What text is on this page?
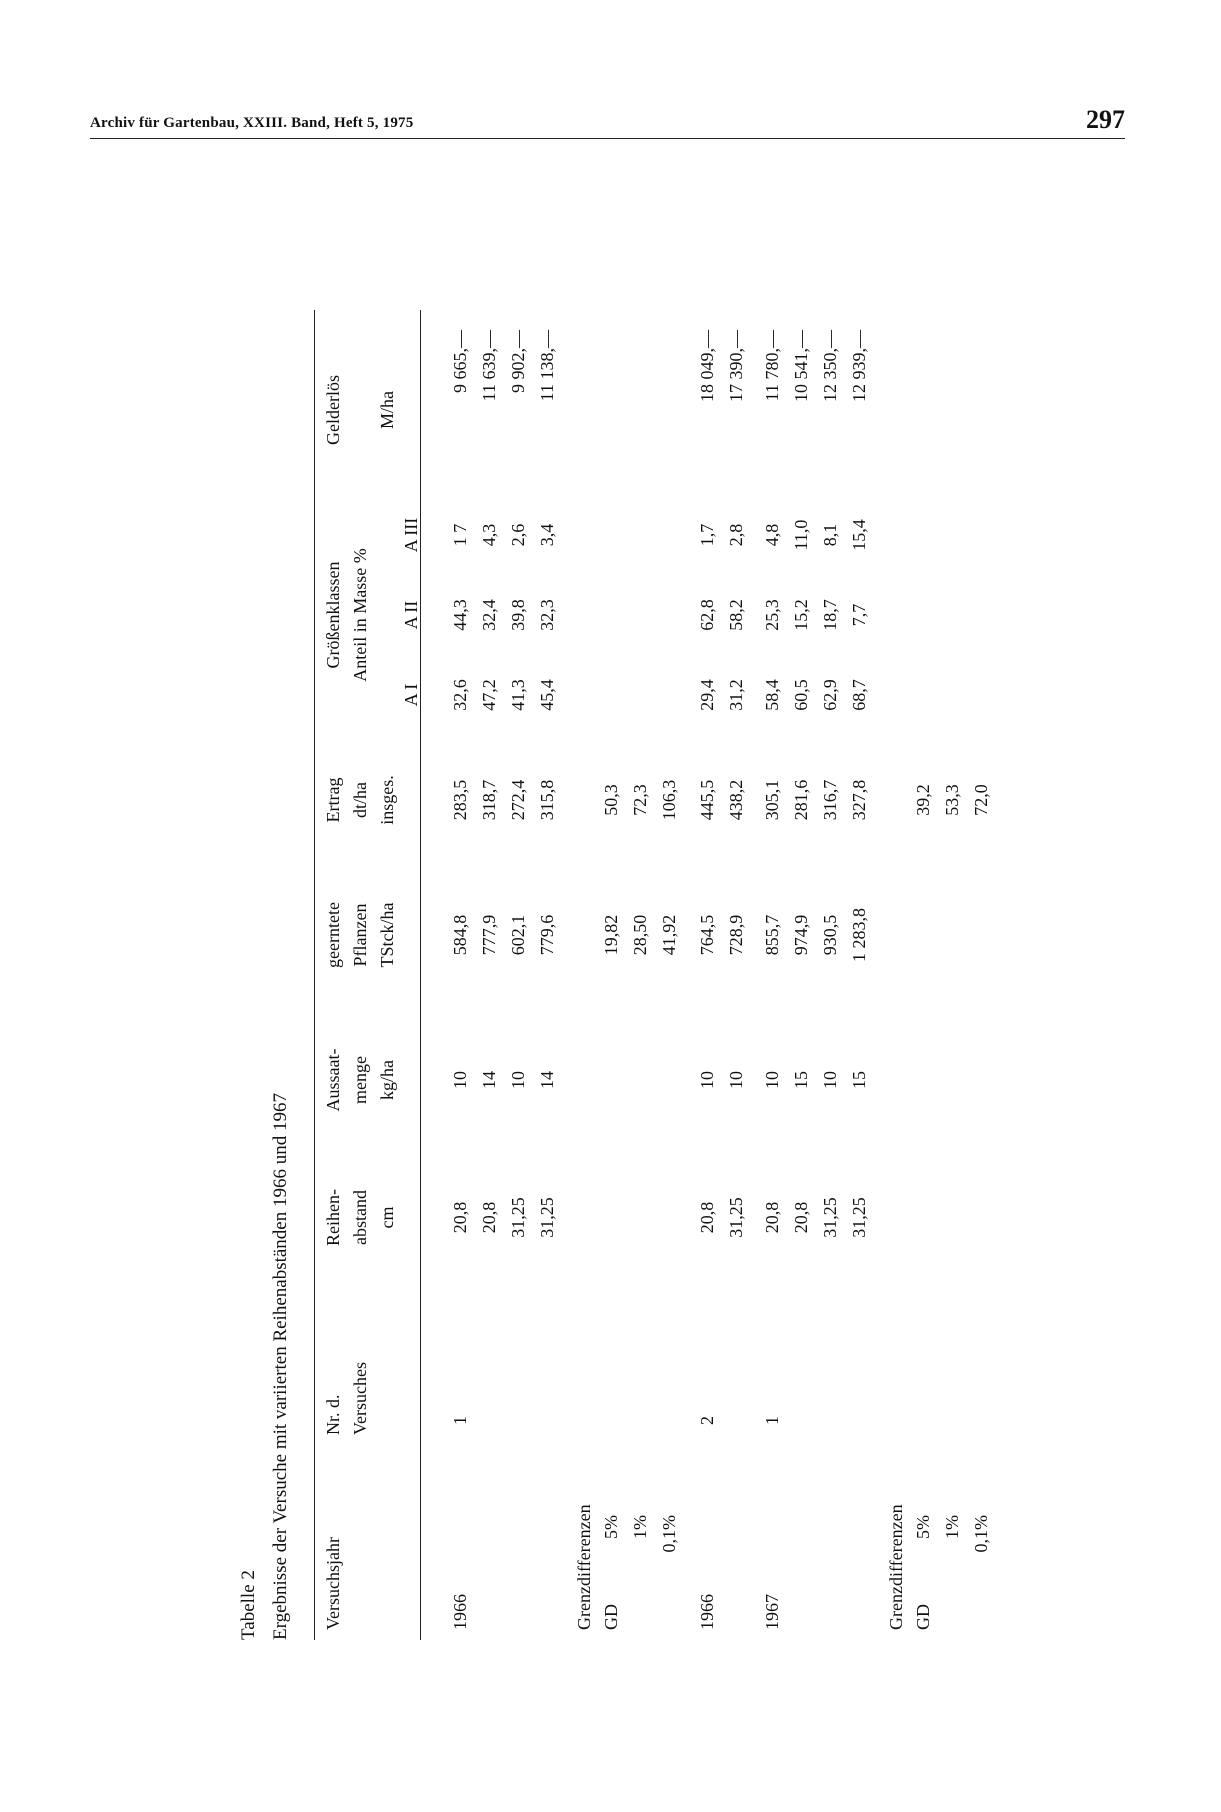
Archiv für Gartenbau, XXIII. Band, Heft 5, 1975	297
Tabelle 2 Ergebnisse der Versuche mit variierten Reihenabständen 1966 und 1967 Versuchsjahr
Nr. d. Versuches
Reihen- abstand cm
Aussaat- menge kg/ha
geerntete Pflanzen TStck/ha
Ertrag dt/ha insges.
Größenklassen Anteil in Masse %
Gelderlös
M/ha
A I
A II
A III
1966
1
20,8
10
584,8
283,5
32,6
44,3
1 7
9 665,—
20,8
14
777,9
318,7
47,2
32,4
4,3
11 639,—
31,25
10
602,1
272,4
41,3
39,8
2,6
9 902,—
31,25
14
779,6
315,8
45,4
32,3
3,4
11 138,—
Grenzdifferenzen GD
5%
19,82
50,3
1%
28,50
72,3
0,1%
41,92
106,3
1966
2
20,8
10
764,5
445,5
29,4
62,8
1,7
18 049,—
31,25
10
728,9
438,2
31,2
58,2
2,8
17 390,—
1967
1
20,8
10
855,7
305,1
58,4
25,3
4,8
11 780,—
20,8
15
974,9
281,6
60,5
15,2
11,0
10 541,—
31,25
10
930,5
316,7
62,9
18,7
8,1
12 350,—
31,25
15
1 283,8
327,8
68,7
7,7
15,4
12 939,—
Grenzdifferenzen GD
5%
39,2
1%
53,3
0,1%
72,0
